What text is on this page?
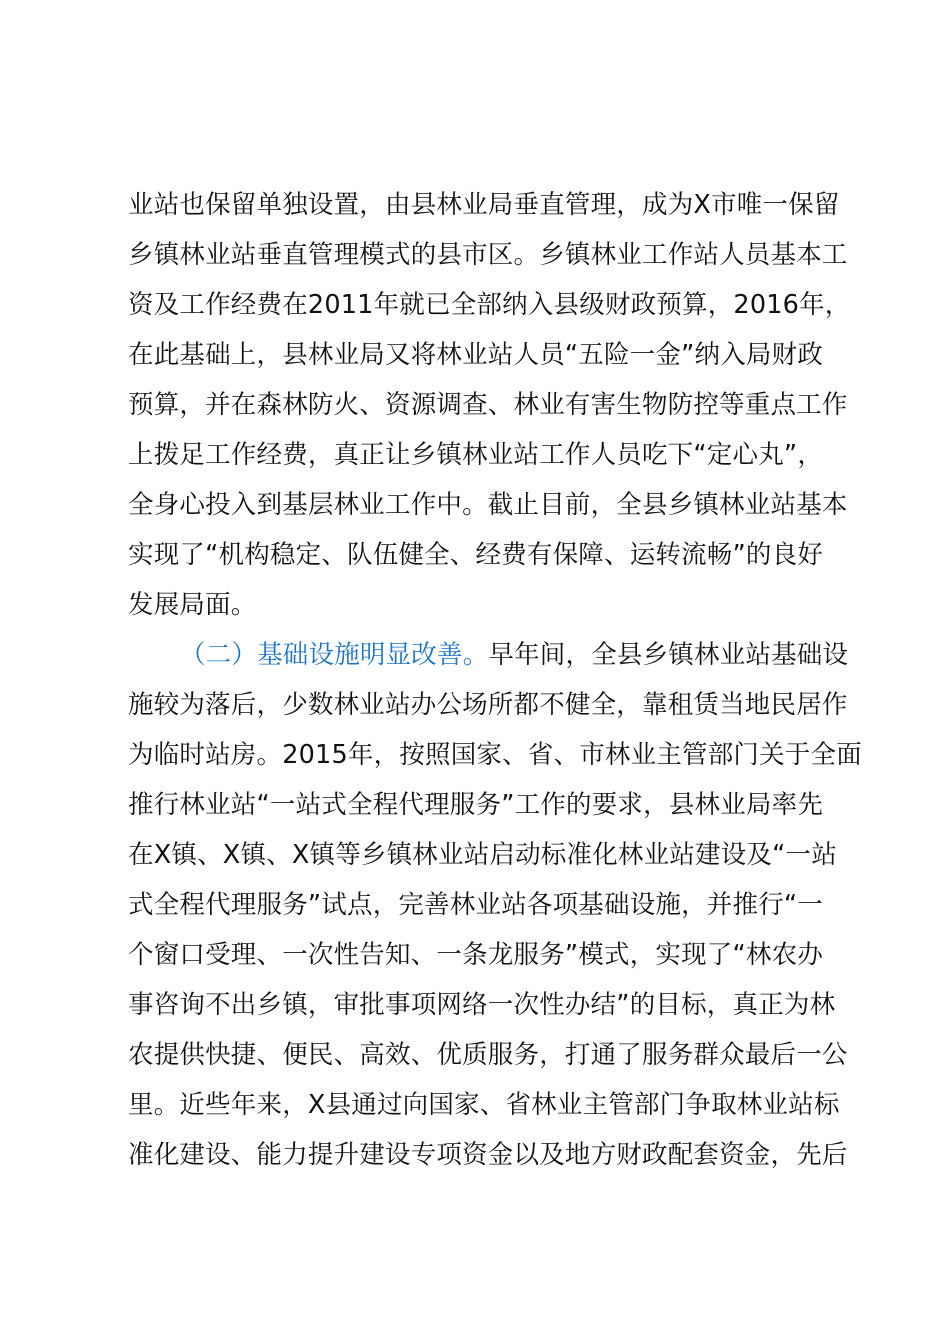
业站也保留单独设置，由县林业局垂直管理，成为X市唯一保留
乡镇林业站垂直管理模式的县市区。乡镇林业工作站人员基本工
资及工作经费在2011年就已全部纳入县级财政预算，2016年，
在此基础上，县林业局又将林业站人员“五险一金”纳入局财政
预算，并在森林防火、资源调查、林业有害生物防控等重点工作
上拨足工作经费，真正让乡镇林业站工作人员吃下“定心丸”，
全身心投入到基层林业工作中。截止目前，全县乡镇林业站基本
实现了“机构稳定、队伍健全、经费有保障、运转流畅”的良好
发展局面。
（二）基础设施明显改善。早年间，全县乡镇林业站基础设
施较为落后，少数林业站办公场所都不健全，靠租赁当地民居作
为临时站房。2015年，按照国家、省、市林业主管部门关于全面
推行林业站“一站式全程代理服务”工作的要求，县林业局率先
在X镇、X镇、X镇等乡镇林业站启动标准化林业站建设及“一站
式全程代理服务”试点，完善林业站各项基础设施，并推行“一
个窗口受理、一次性告知、一条龙服务”模式，实现了“林农办
事咨询不出乡镇，审批事项网络一次性办结”的目标，真正为林
农提供快捷、便民、高效、优质服务，打通了服务群众最后一公
里。近些年来，X县通过向国家、省林业主管部门争取林业站标
准化建设、能力提升建设专项资金以及地方财政配套资金，先后
